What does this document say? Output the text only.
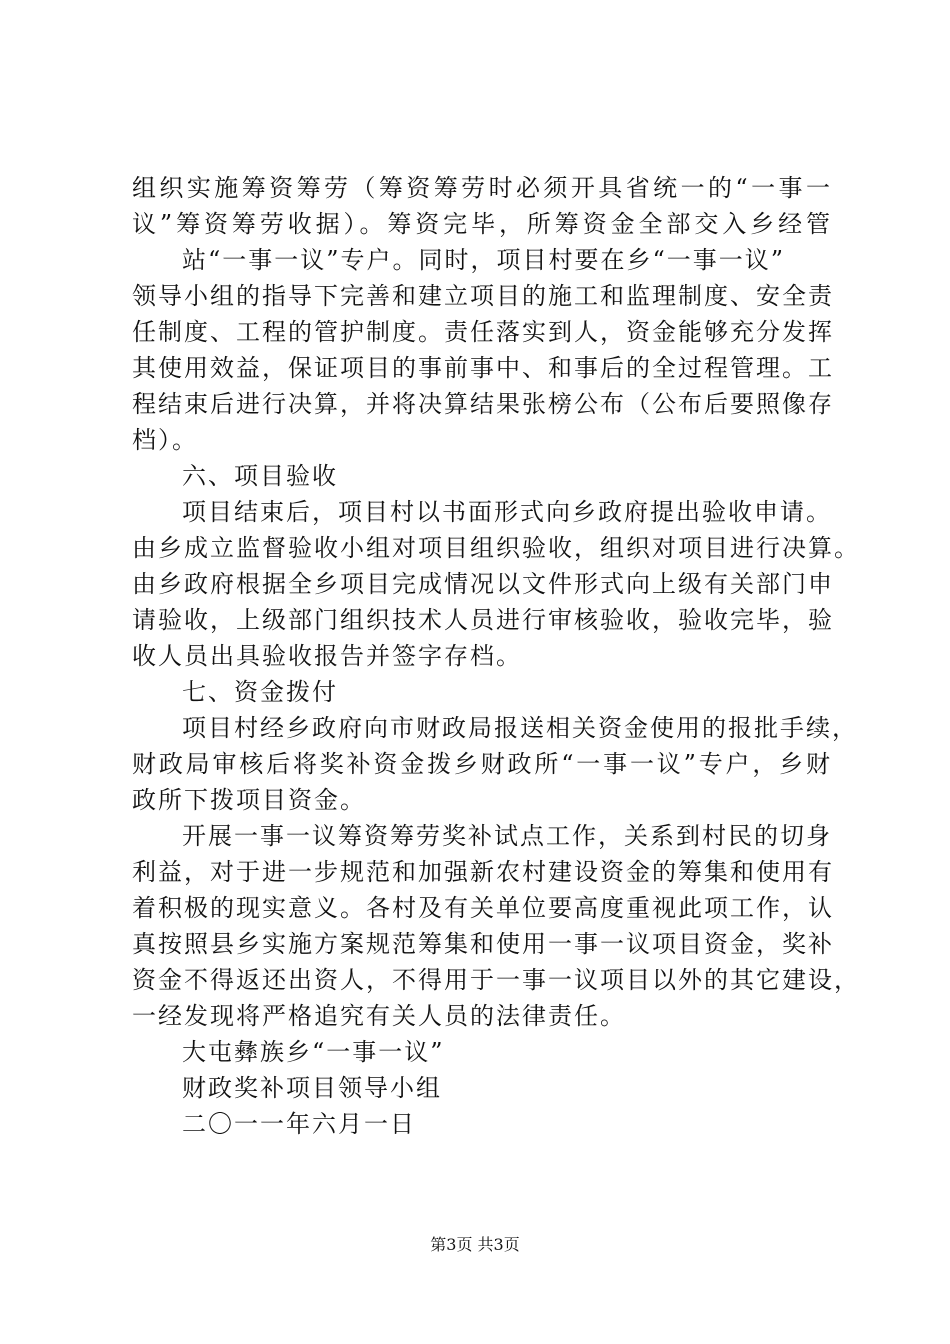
组织实施筹资筹劳（筹资筹劳时必须开具省统一的“一事一
议”筹资筹劳收据）。筹资完毕，所筹资金全部交入乡经管
站“一事一议”专户。同时，项目村要在乡“一事一议”
领导小组的指导下完善和建立项目的施工和监理制度、安全责
任制度、工程的管护制度。责任落实到人，资金能够充分发挥
其使用效益，保证项目的事前事中、和事后的全过程管理。工
程结束后进行决算，并将决算结果张榜公布（公布后要照像存
档）。
六、项目验收
项目结束后，项目村以书面形式向乡政府提出验收申请。
由乡成立监督验收小组对项目组织验收，组织对项目进行决算。
由乡政府根据全乡项目完成情况以文件形式向上级有关部门申
请验收，上级部门组织技术人员进行审核验收，验收完毕，验
收人员出具验收报告并签字存档。
七、资金拨付
项目村经乡政府向市财政局报送相关资金使用的报批手续，
财政局审核后将奖补资金拨乡财政所“一事一议”专户，乡财
政所下拨项目资金。
开展一事一议筹资筹劳奖补试点工作，关系到村民的切身
利益，对于进一步规范和加强新农村建设资金的筹集和使用有
着积极的现实意义。各村及有关单位要高度重视此项工作，认
真按照县乡实施方案规范筹集和使用一事一议项目资金，奖补
资金不得返还出资人，不得用于一事一议项目以外的其它建设，
一经发现将严格追究有关人员的法律责任。
大屯彝族乡“一事一议”
财政奖补项目领导小组
二〇一一年六月一日
第3页 共3页
